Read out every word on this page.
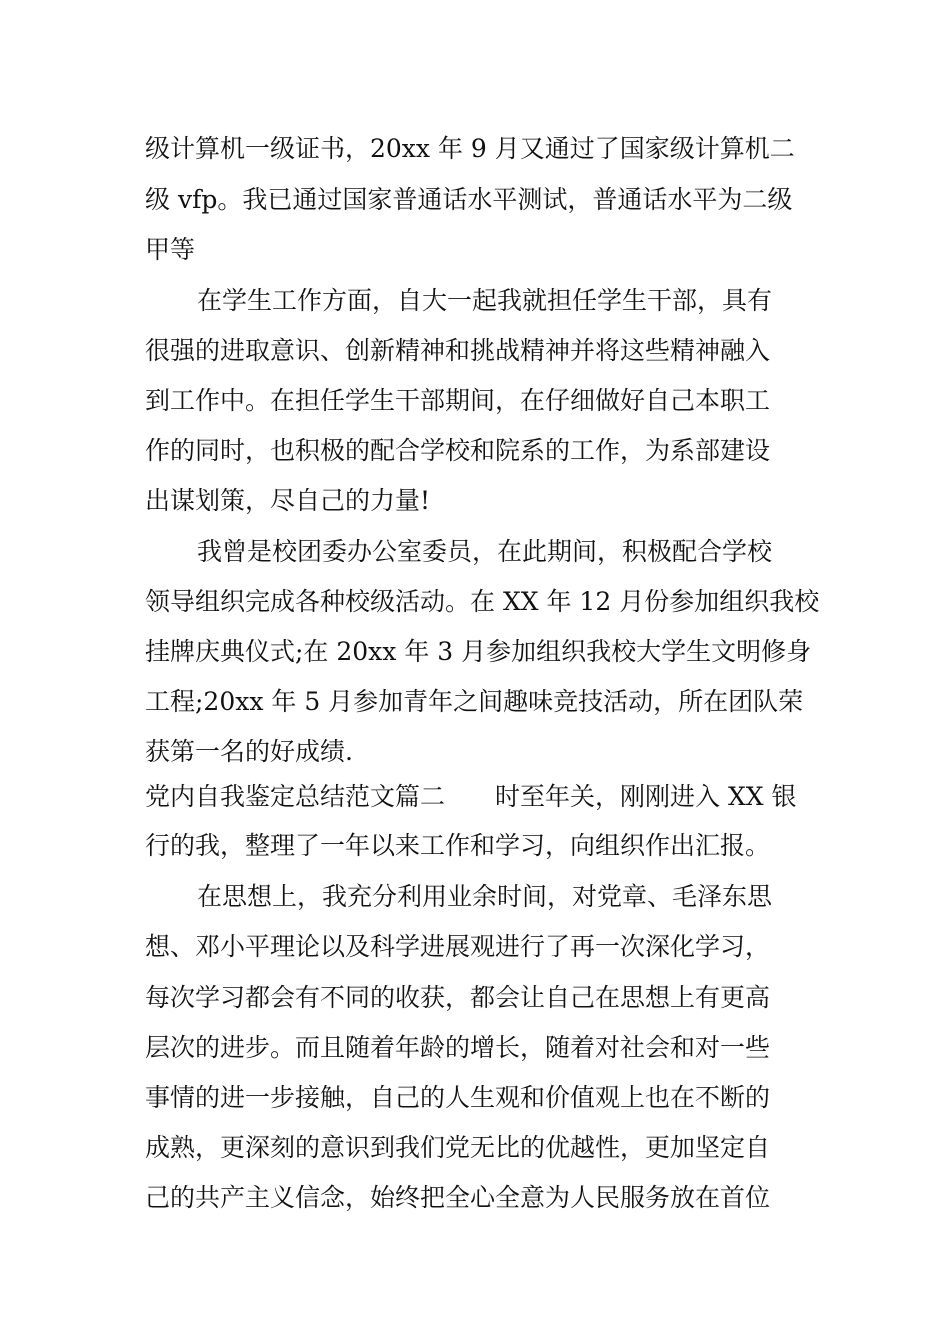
级计算机一级证书，20xx 年 9 月又通过了国家级计算机二
级 vfp。我已通过国家普通话水平测试，普通话水平为二级
甲等
在学生工作方面，自大一起我就担任学生干部，具有
很强的进取意识、创新精神和挑战精神并将这些精神融入
到工作中。在担任学生干部期间，在仔细做好自己本职工
作的同时，也积极的配合学校和院系的工作，为系部建设
出谋划策，尽自己的力量!
我曾是校团委办公室委员，在此期间，积极配合学校
领导组织完成各种校级活动。在 XX 年 12 月份参加组织我校
挂牌庆典仪式;在 20xx 年 3 月参加组织我校大学生文明修身
工程;20xx 年 5 月参加青年之间趣味竞技活动，所在团队荣
获第一名的好成绩.
党内自我鉴定总结范文篇二　　时至年关，刚刚进入 XX 银
行的我，整理了一年以来工作和学习，向组织作出汇报。
在思想上，我充分利用业余时间，对党章、毛泽东思
想、邓小平理论以及科学进展观进行了再一次深化学习，
每次学习都会有不同的收获，都会让自己在思想上有更高
层次的进步。而且随着年龄的增长，随着对社会和对一些
事情的进一步接触，自己的人生观和价值观上也在不断的
成熟，更深刻的意识到我们党无比的优越性，更加坚定自
己的共产主义信念，始终把全心全意为人民服务放在首位
